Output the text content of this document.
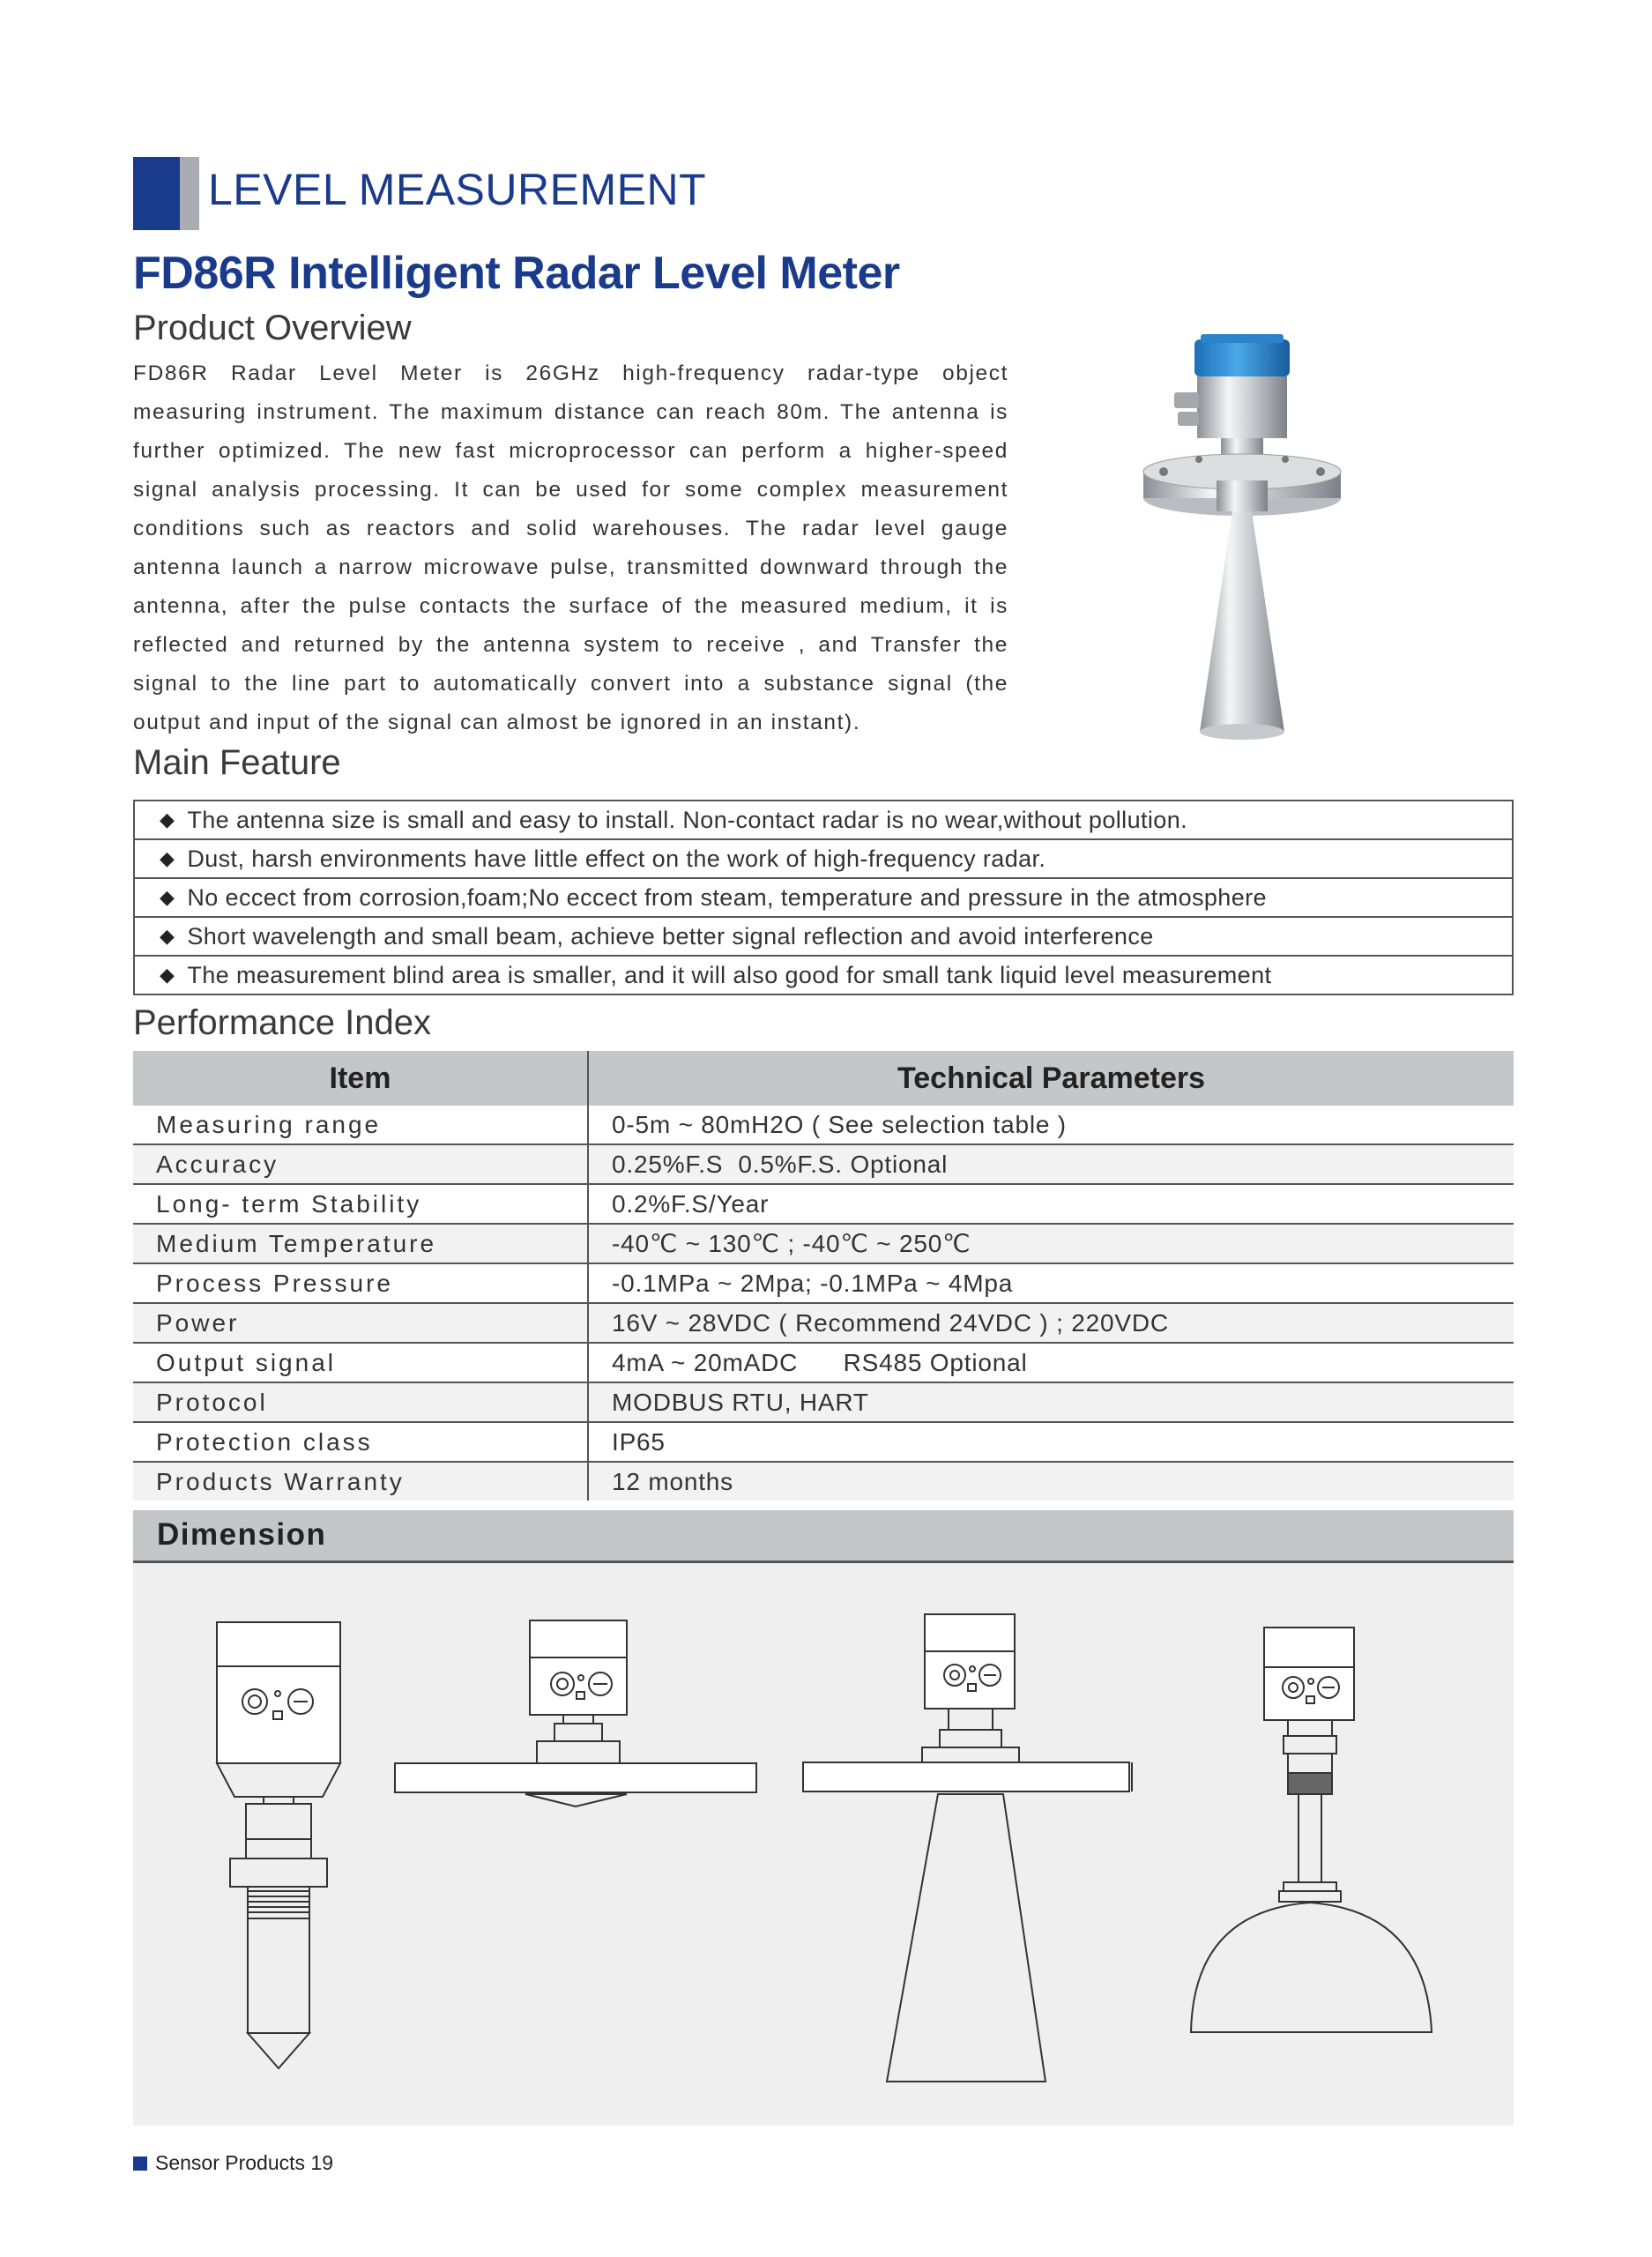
LEVEL MEASUREMENT
FD86R Intelligent Radar Level Meter
Product Overview
FD86R Radar Level Meter is 26GHz high-frequency radar-type object measuring instrument. The maximum distance can reach 80m. The antenna is further optimized. The new fast microprocessor can perform a higher-speed signal analysis processing. It can be used for some complex measurement conditions such as reactors and solid warehouses. The radar level gauge antenna launch a narrow microwave pulse, transmitted downward through the antenna, after the pulse contacts the surface of the measured medium, it is reflected and returned by the antenna system to receive , and Transfer the signal to the line part to automatically convert into a substance signal (the output and input of the signal can almost be ignored in an instant).
Main Feature
◆ The antenna size is small and easy to install. Non-contact radar is no wear,without pollution.
◆ Dust, harsh environments have little effect on the work of high-frequency radar.
◆ No eccect from corrosion,foam;No eccect from steam, temperature and pressure in the atmosphere
◆ Short wavelength and small beam, achieve better signal reflection and avoid interference
◆ The measurement blind area is smaller, and it will also good for small tank liquid level measurement
Performance Index
Item	Technical Parameters
Measuring range	0-5m ~ 80mH2O ( See selection table )
Accuracy	0.25%F.S  0.5%F.S. Optional
Long- term Stability	0.2%F.S/Year
Medium Temperature	-40℃ ~ 130℃ ; -40℃ ~ 250℃
Process Pressure	-0.1MPa ~ 2Mpa; -0.1MPa ~ 4Mpa
Power	16V ~ 28VDC ( Recommend 24VDC ) ; 220VDC
Output signal	4mA ~ 20mADC      RS485 Optional
Protocol	MODBUS RTU, HART
Protection class	IP65
Products Warranty	12 months
Dimension
Sensor Products 19
